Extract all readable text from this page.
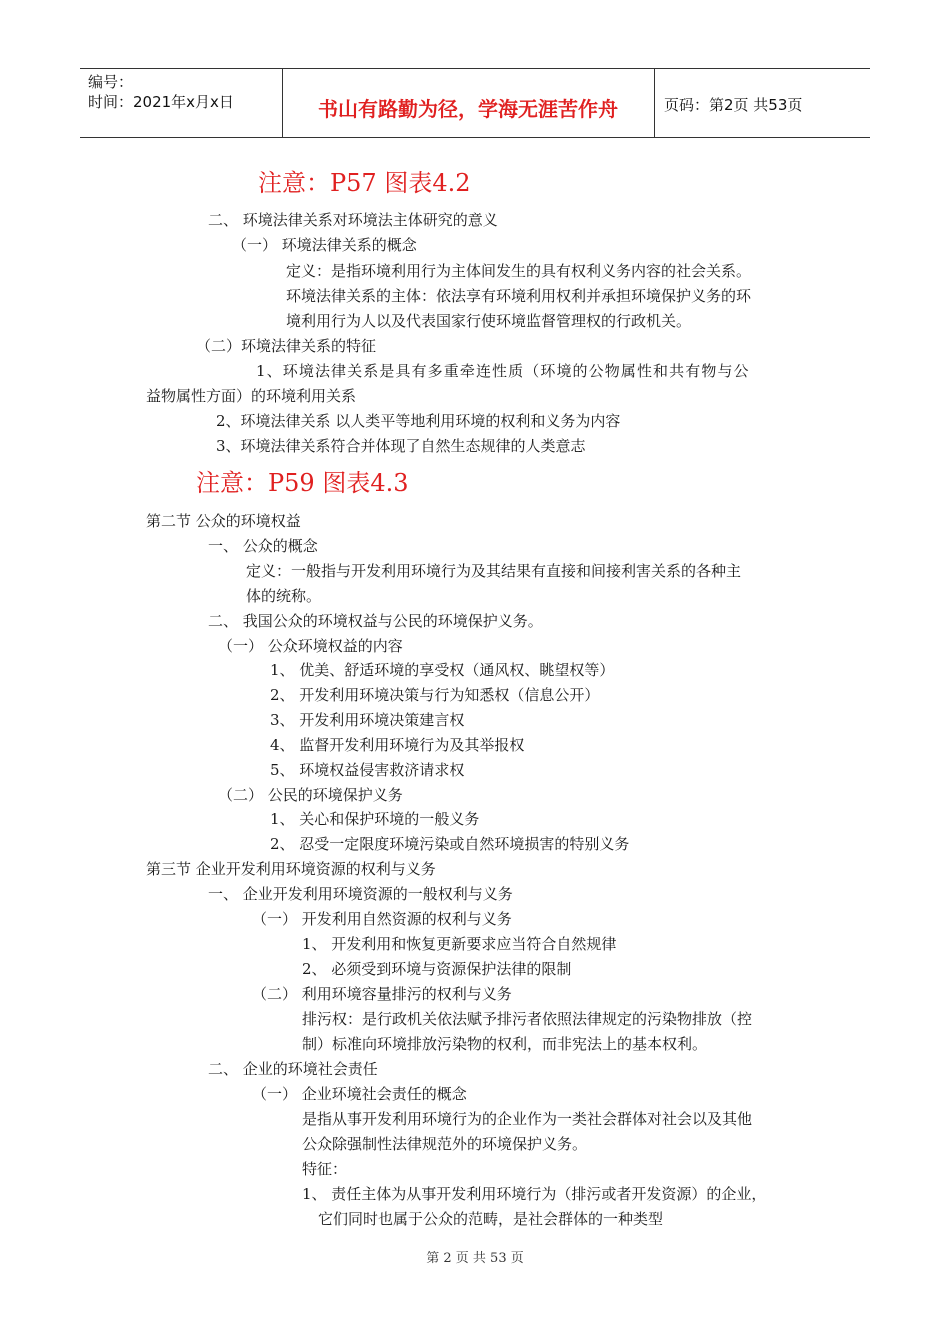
编号：
时间：2021年x月x日	书山有路勤为径，学海无涯苦作舟	页码：第2页 共53页
注意：P57 图表4.2
二、 环境法律关系对环境法主体研究的意义
（一） 环境法律关系的概念
定义：是指环境利用行为主体间发生的具有权利义务内容的社会关系。
环境法律关系的主体：依法享有环境利用权利并承担环境保护义务的环
境利用行为人以及代表国家行使环境监督管理权的行政机关。
（二）环境法律关系的特征
1、环境法律关系是具有多重牵连性质（环境的公物属性和共有物与公
益物属性方面）的环境利用关系
2、环境法律关系 以人类平等地利用环境的权利和义务为内容
3、环境法律关系符合并体现了自然生态规律的人类意志
注意：P59 图表4.3
第二节 公众的环境权益
一、 公众的概念
定义：一般指与开发利用环境行为及其结果有直接和间接利害关系的各种主
体的统称。
二、 我国公众的环境权益与公民的环境保护义务。
（一） 公众环境权益的内容
1、 优美、舒适环境的享受权（通风权、眺望权等）
2、 开发利用环境决策与行为知悉权（信息公开）
3、 开发利用环境决策建言权
4、 监督开发利用环境行为及其举报权
5、 环境权益侵害救济请求权
（二） 公民的环境保护义务
1、 关心和保护环境的一般义务
2、 忍受一定限度环境污染或自然环境损害的特别义务
第三节 企业开发利用环境资源的权利与义务
一、 企业开发利用环境资源的一般权利与义务
（一） 开发利用自然资源的权利与义务
1、 开发利用和恢复更新要求应当符合自然规律
2、 必须受到环境与资源保护法律的限制
（二） 利用环境容量排污的权利与义务
排污权：是行政机关依法赋予排污者依照法律规定的污染物排放（控
制）标准向环境排放污染物的权利，而非宪法上的基本权利。
二、 企业的环境社会责任
（一） 企业环境社会责任的概念
是指从事开发利用环境行为的企业作为一类社会群体对社会以及其他
公众除强制性法律规范外的环境保护义务。
特征：
1、 责任主体为从事开发利用环境行为（排污或者开发资源）的企业，
它们同时也属于公众的范畴，是社会群体的一种类型
第 2 页 共 53 页
